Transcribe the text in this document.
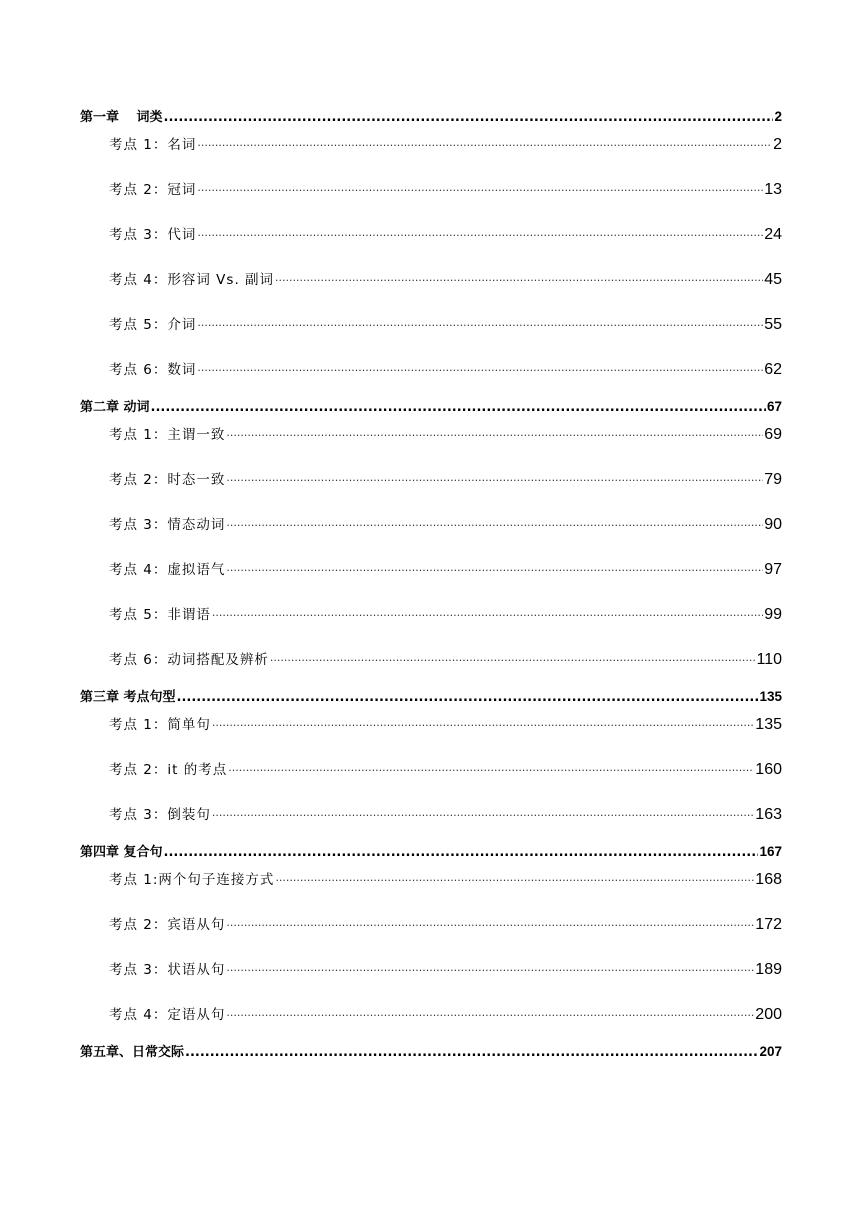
第一章　 词类 .....	2
考点 1：名词 ·····	2
考点 2：冠词 ·····	13
考点 3：代词 ·····	24
考点 4：形容词 Vs. 副词 ·····	45
考点 5：介词 ·····	55
考点 6：数词 ·····	62
第二章 动词 .....	67
考点 1：主谓一致 ·····	69
考点 2：时态一致 ·····	79
考点 3：情态动词 ·····	90
考点 4：虚拟语气 ·····	97
考点 5：非谓语 ·····	99
考点 6：动词搭配及辨析 ·····	110
第三章 考点句型 .....	135
考点 1：简单句 ·····	135
考点 2：it 的考点 ·····	160
考点 3：倒装句 ·····	163
第四章 复合句 .....	167
考点 1:两个句子连接方式 ·····	168
考点 2：宾语从句 ·····	172
考点 3：状语从句 ·····	189
考点 4：定语从句 ·····	200
第五章、日常交际 .....	207
